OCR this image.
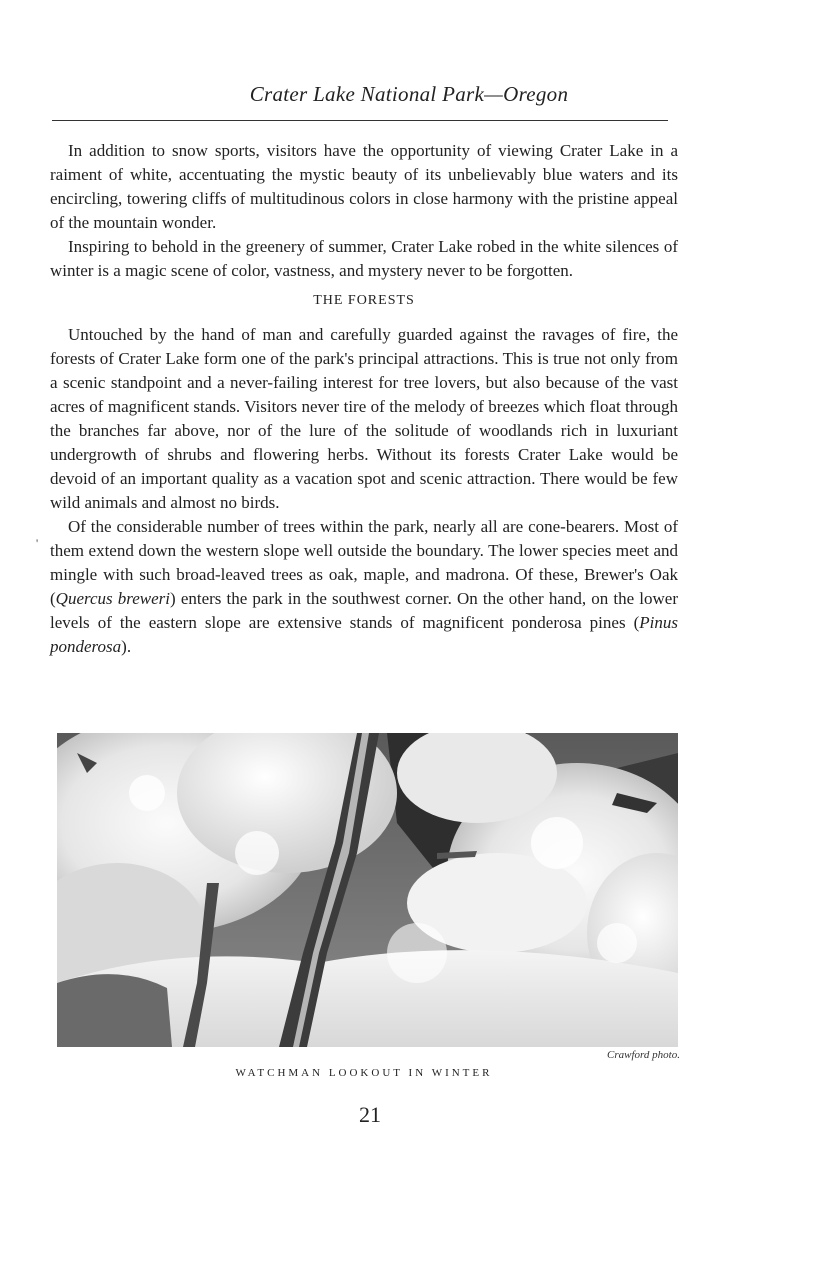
Crater Lake National Park—Oregon

In addition to snow sports, visitors have the opportunity of viewing Crater Lake in a raiment of white, accentuating the mystic beauty of its unbelievably blue waters and its encircling, towering cliffs of multitudinous colors in close harmony with the pristine appeal of the mountain wonder.

Inspiring to behold in the greenery of summer, Crater Lake robed in the white silences of winter is a magic scene of color, vastness, and mystery never to be forgotten.

THE FORESTS

Untouched by the hand of man and carefully guarded against the ravages of fire, the forests of Crater Lake form one of the park's principal attractions. This is true not only from a scenic standpoint and a never-failing interest for tree lovers, but also because of the vast acres of magnificent stands. Visitors never tire of the melody of breezes which float through the branches far above, nor of the lure of the solitude of woodlands rich in luxuriant undergrowth of shrubs and flowering herbs. Without its forests Crater Lake would be devoid of an important quality as a vacation spot and scenic attraction. There would be few wild animals and almost no birds.

Of the considerable number of trees within the park, nearly all are cone-bearers. Most of them extend down the western slope well outside the boundary. The lower species meet and mingle with such broad-leaved trees as oak, maple, and madrona. Of these, Brewer's Oak (Quercus breweri) enters the park in the southwest corner. On the other hand, on the lower levels of the eastern slope are extensive stands of magnificent ponderosa pines (Pinus ponderosa).

'
Crawford photo.
WATCHMAN LOOKOUT IN WINTER
21
